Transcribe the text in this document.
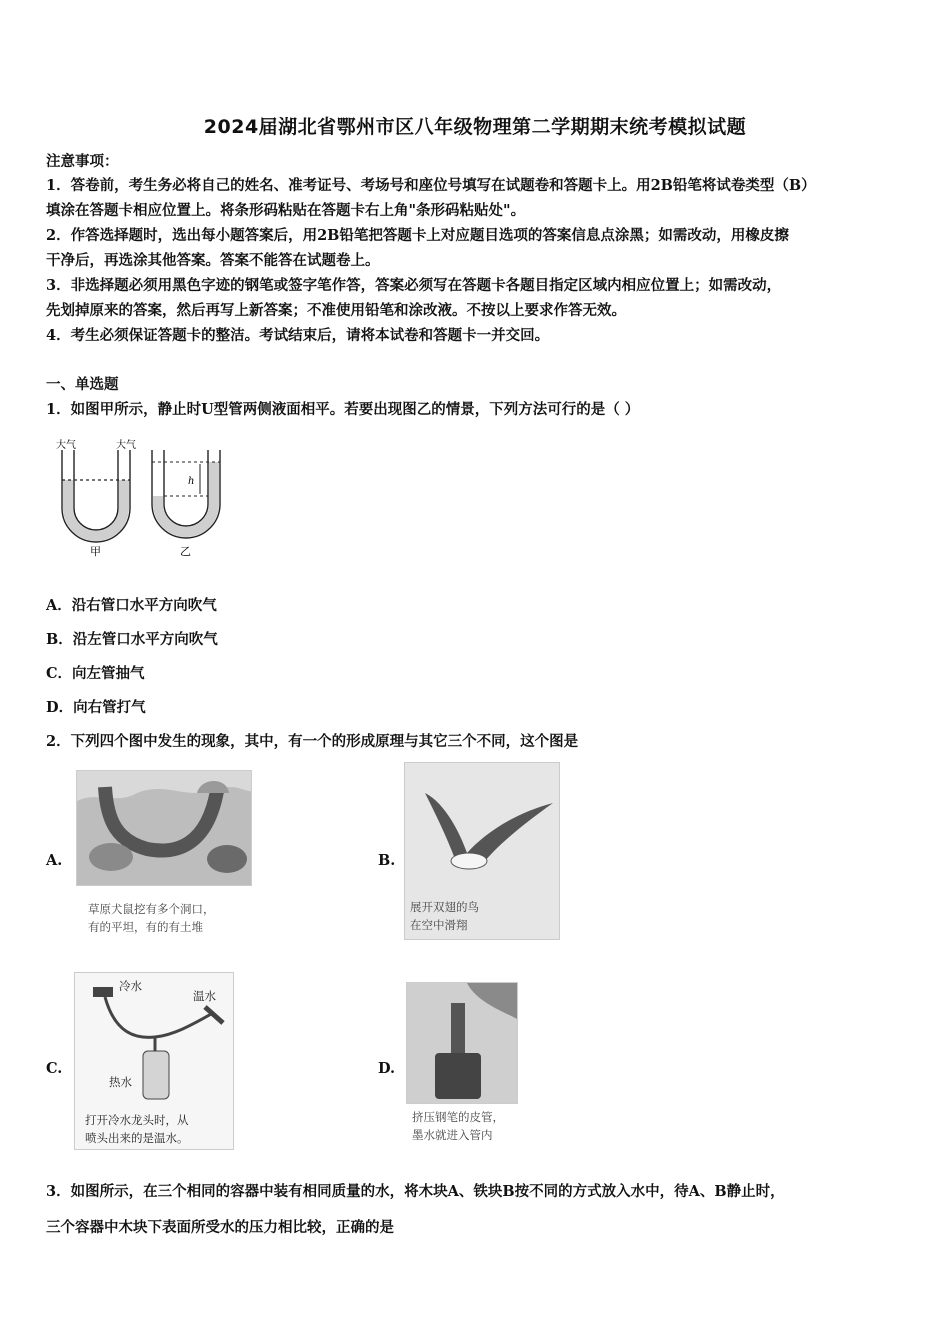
2024届湖北省鄂州市区八年级物理第二学期期末统考模拟试题
注意事项：
1．答卷前，考生务必将自己的姓名、准考证号、考场号和座位号填写在试题卷和答题卡上。用2B铅笔将试卷类型（B）
填涂在答题卡相应位置上。将条形码粘贴在答题卡右上角"条形码粘贴处"。
2．作答选择题时，选出每小题答案后，用2B铅笔把答题卡上对应题目选项的答案信息点涂黑；如需改动，用橡皮擦
干净后，再选涂其他答案。答案不能答在试题卷上。
3．非选择题必须用黑色字迹的钢笔或签字笔作答，答案必须写在答题卡各题目指定区域内相应位置上；如需改动，
先划掉原来的答案，然后再写上新答案；不准使用铅笔和涂改液。不按以上要求作答无效。
4．考生必须保证答题卡的整洁。考试结束后，请将本试卷和答题卡一并交回。
一、单选题
1．如图甲所示，静止时U型管两侧液面相平。若要出现图乙的情景，下列方法可行的是（ ）
大气	大气
甲
h
乙
A．沿右管口水平方向吹气
B．沿左管口水平方向吹气
C．向左管抽气
D．向右管打气
2．下列四个图中发生的现象，其中，有一个的形成原理与其它三个不同，这个图是
A.
草原犬鼠挖有多个洞口，
有的平坦，有的有土堆
B.
展开双翅的鸟
在空中滑翔
C.
冷水
温水
热水
打开冷水龙头时，从
喷头出来的是温水。
D.
挤压钢笔的皮管，
墨水就进入管内
3．如图所示，在三个相同的容器中装有相同质量的水，将木块A、铁块B按不同的方式放入水中，待A、B静止时，
三个容器中木块下表面所受水的压力相比较，正确的是
